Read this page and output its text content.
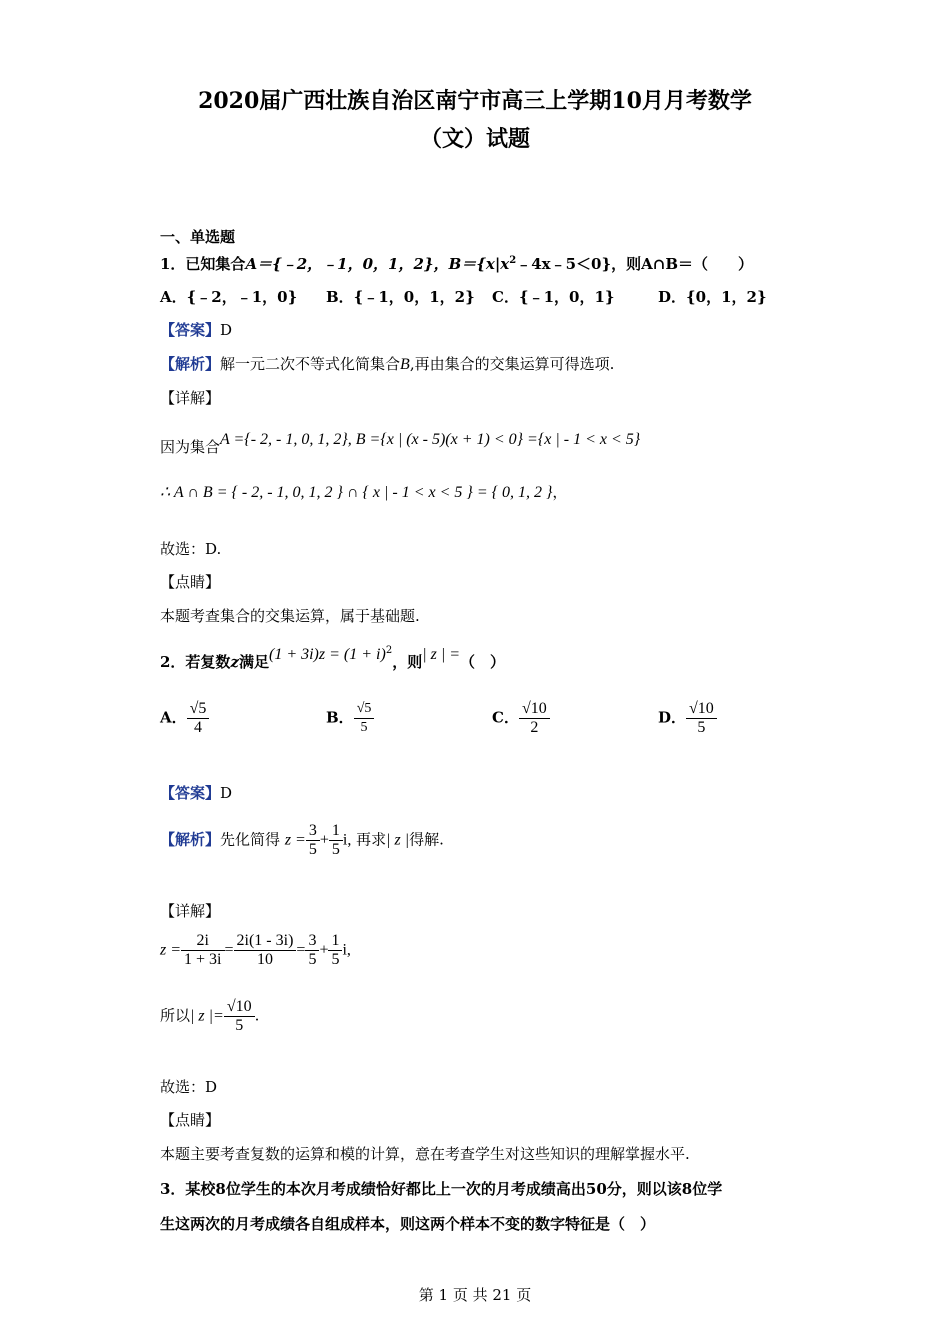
2020届广西壮族自治区南宁市高三上学期10月月考数学
（文）试题
一、单选题
1．已知集合A＝{﹣2，﹣1，0，1，2}，$B=\{x|x^2﹣4x﹣5<0\}$，则A∩B＝（　　）
A．{﹣2，﹣1，0} B．{﹣1，0，1，2} C．{﹣1，0，1}	D．{0，1，2}
【答案】D
【解析】解一元二次不等式化简集合B,再由集合的交集运算可得选项.
【详解】
因为集合A ={- 2, - 1, 0, 1, 2}, B ={x | (x - 5)(x + 1) < 0} ={x | - 1 < x < 5}
∴ A ∩ B = { - 2, - 1, 0, 1, 2 } ∩ { x | - 1 < x < 5 } = { 0, 1, 2 }，
故选：D.
【点睛】
本题考查集合的交集运算，属于基础题.
2．若复数z满足$(1 + 3i)z = (1 + i)^2$，则| z | =（　）
A． $\frac{√5}{4}$	B． $\frac{√5}{5}$	C． $\frac{√10}{2}$	D． $\frac{√10}{5}$
【答案】D
【解析】先化简得 $z = \frac{3}{5} + \frac{1}{5} i$, 再求| z |得解.
【详解】
$z = \frac{2i}{1 + 3i} = \frac{2i(1 - 3i)}{10} = \frac{3}{5} + \frac{1}{5} i$,
所以| z |= $\frac{√10}{5}$ .
故选：D
【点睛】
本题主要考查复数的运算和模的计算，意在考查学生对这些知识的理解掌握水平.
3．某校8位学生的本次月考成绩恰好都比上一次的月考成绩高出50分，则以该8位学
生这两次的月考成绩各自组成样本，则这两个样本不变的数字特征是（　）
第 1 页 共 21 页
